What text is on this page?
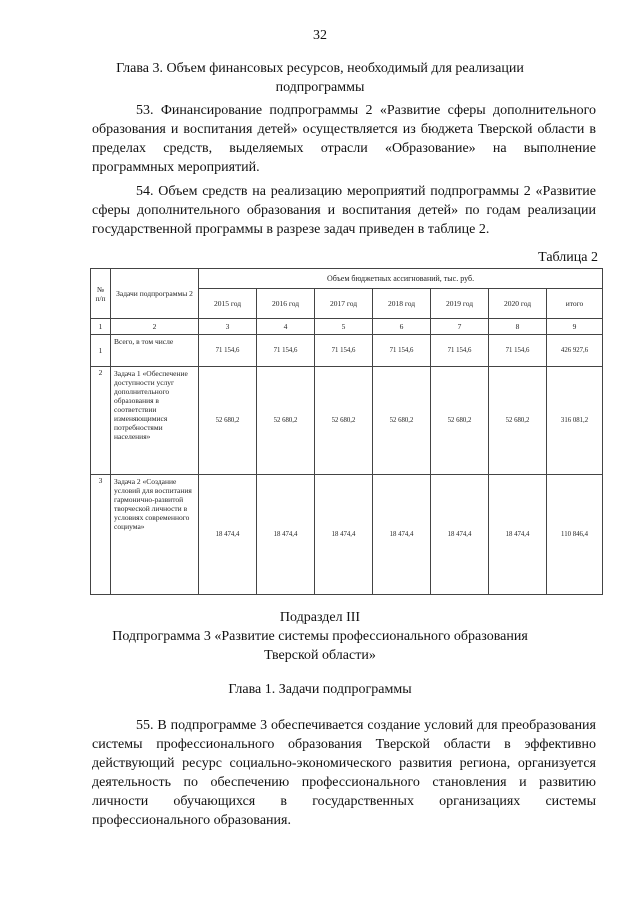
32
Глава 3. Объем финансовых ресурсов, необходимый для реализации
подпрограммы

53. Финансирование подпрограммы 2 «Развитие сферы дополнительного образования и воспитания детей» осуществляется из бюджета Тверской области в пределах средств, выделяемых отрасли «Образование» на выполнение программных мероприятий.

54. Объем средств на реализацию мероприятий подпрограммы 2 «Развитие сферы дополнительного образования и воспитания детей» по годам реализации государственной программы в разрезе задач приведен в таблице 2.

Таблица 2
№ п/п	Задачи подпрограммы 2	Объем бюджетных ассигнований, тыс. руб.						
		2015 год	2016 год	2017 год	2018 год	2019 год	2020 год	итого
1	2	3	4	5	6	7	8	9
1	Всего, в том числе	71 154,6	71 154,6	71 154,6	71 154,6	71 154,6	71 154,6	426 927,6
2	Задача 1 «Обеспечение доступности услуг дополнительного образования в соответствии изменяющимися потребностями населения»	52 680,2	52 680,2	52 680,2	52 680,2	52 680,2	52 680,2	316 081,2
3	Задача 2 «Создание условий для воспитания гармонично-развитой творческой личности в условиях современного социума»	18 474,4	18 474,4	18 474,4	18 474,4	18 474,4	18 474,4	110 846,4
Подраздел III
Подпрограмма 3 «Развитие системы профессионального образования
Тверской области»
Глава 1. Задачи подпрограммы

55. В подпрограмме 3 обеспечивается создание условий для преобразования системы профессионального образования Тверской области в эффективно действующий ресурс социально-экономического развития региона, организуется деятельность по обеспечению профессионального становления и развитию личности обучающихся в государственных организациях системы профессионального образования.
